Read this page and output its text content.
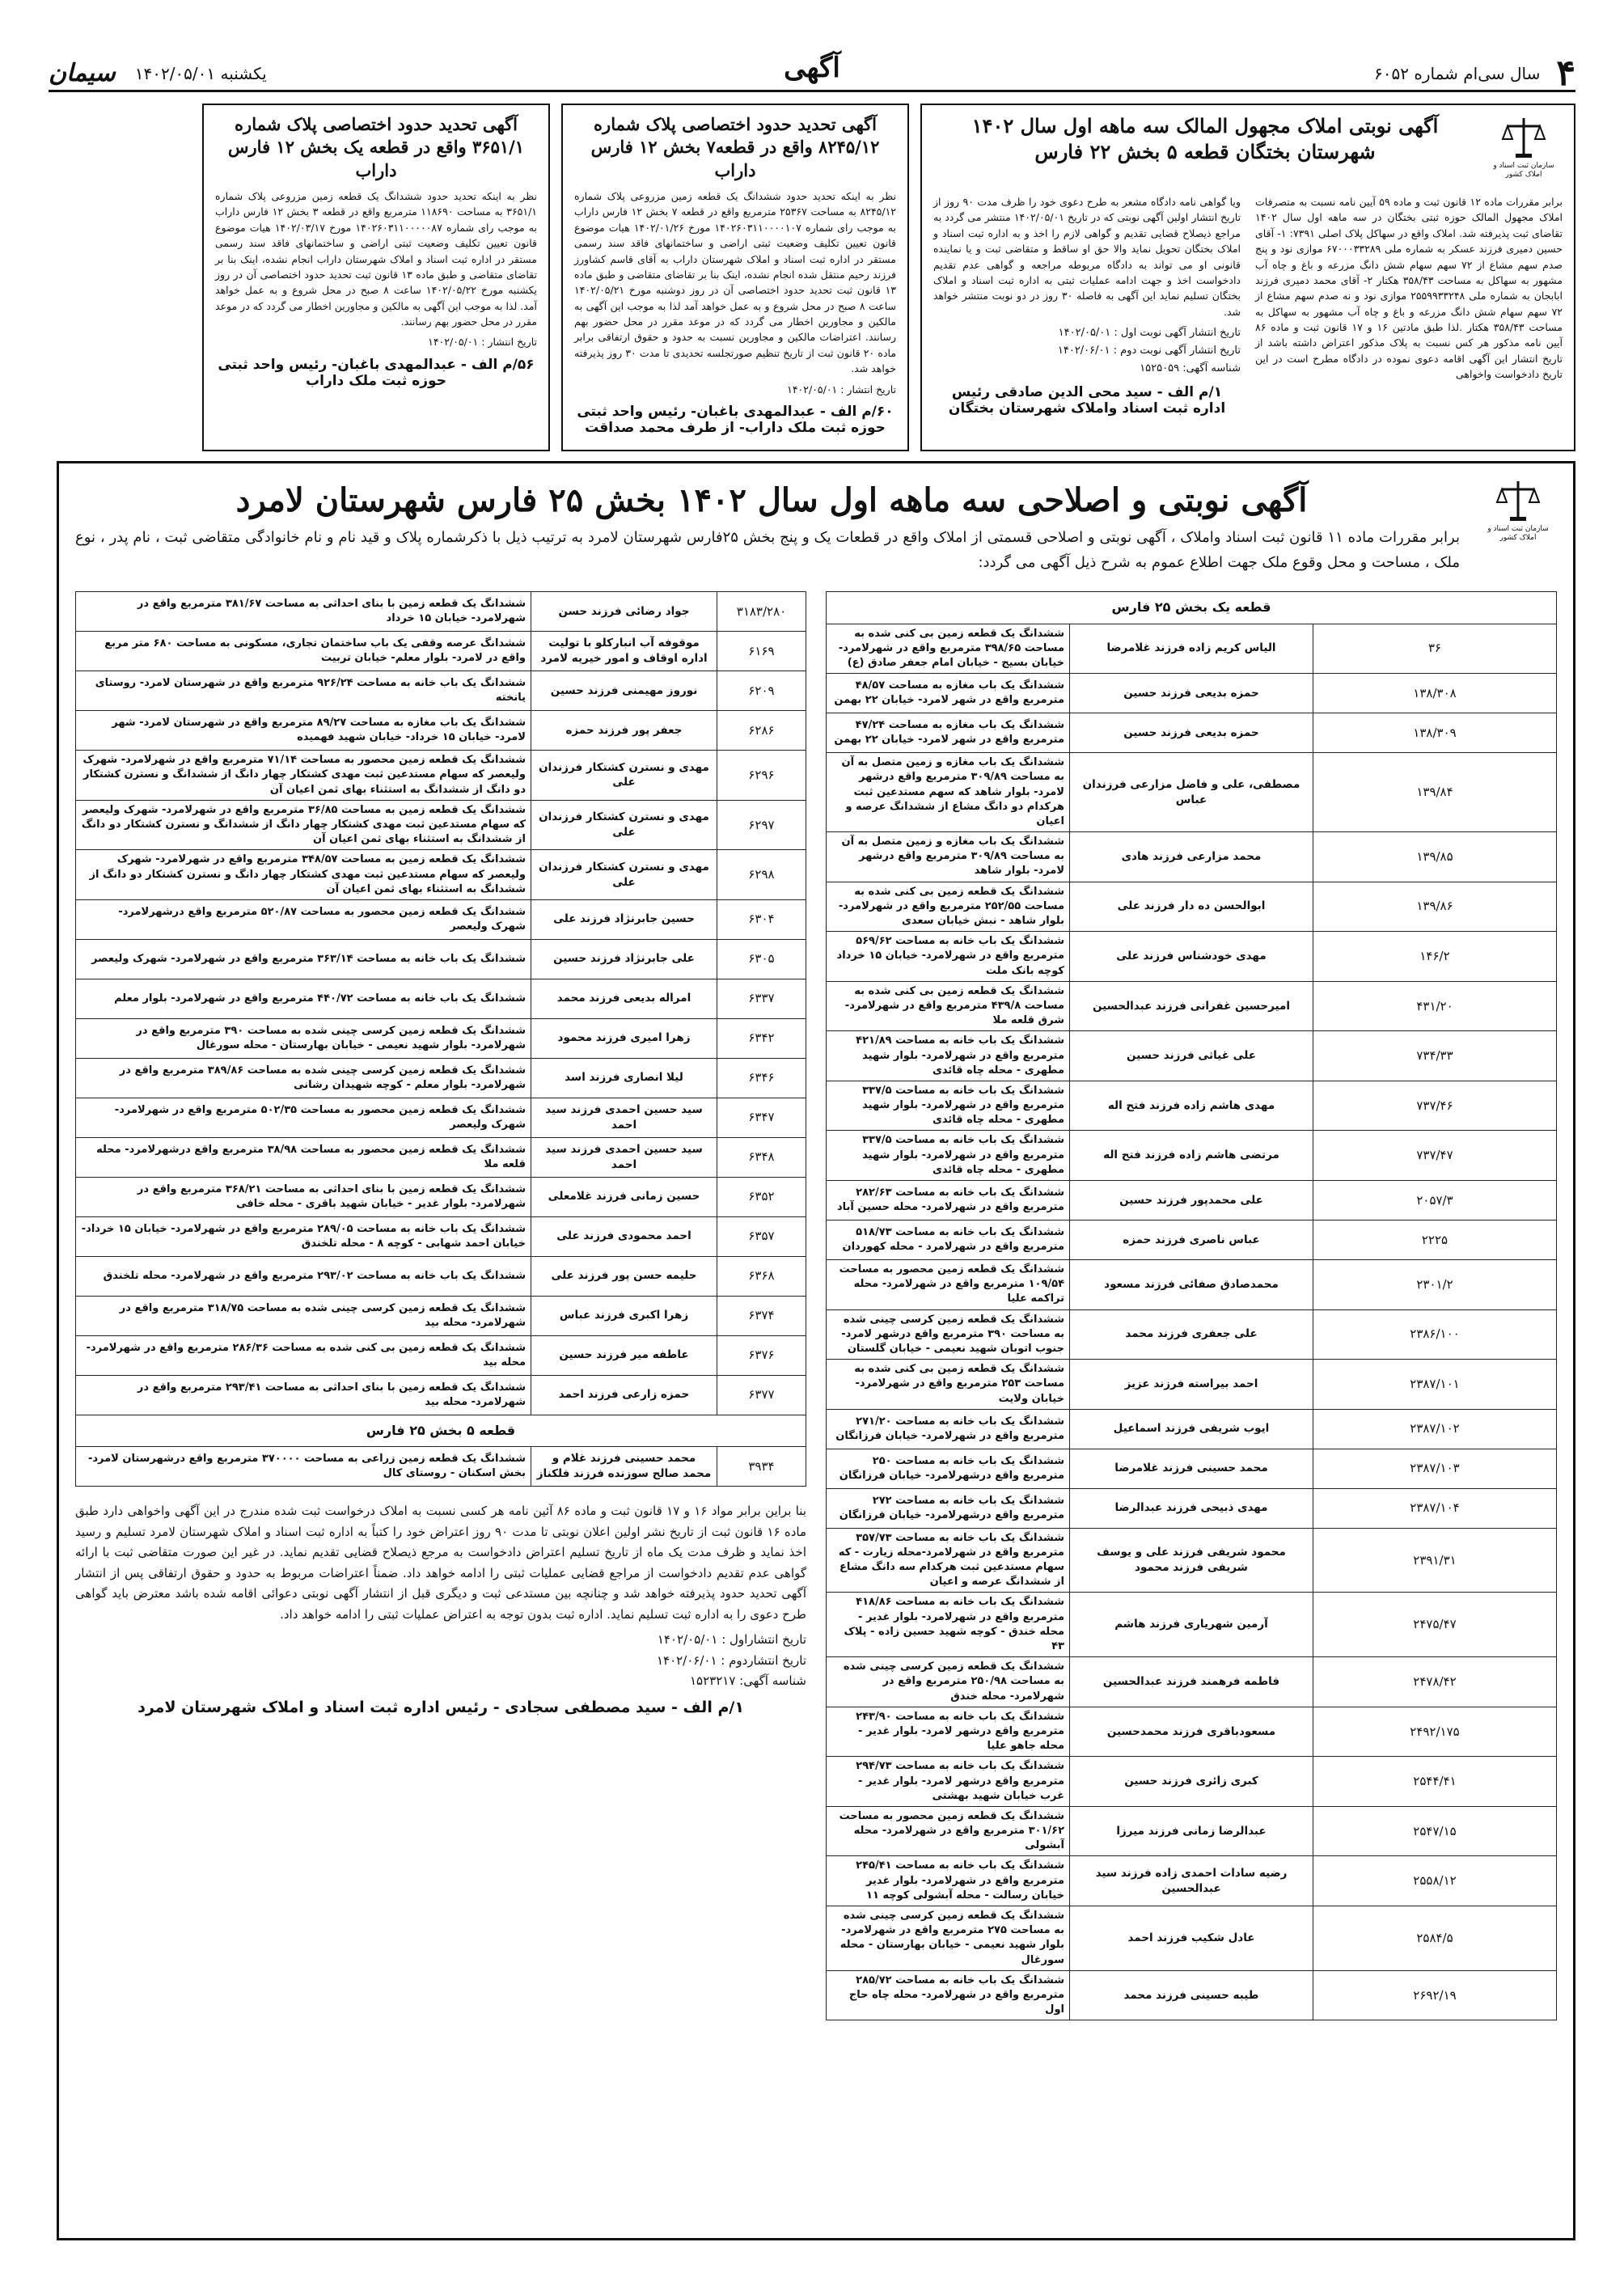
۴
سال سی‌ام ‌شماره ۶۰۵۲
آگهی
یکشنبه ۱۴۰۲/۰۵/۰۱
سیمان
سازمان ثبت اسناد و املاک کشور
آگهی نوبتی املاک مجهول المالک سه ماهه اول سال ۱۴۰۲ شهرستان بختگان قطعه ۵ بخش ۲۲ فارس

برابر مقررات ماده ۱۲ قانون ثبت و ماده ۵۹ آیین نامه نسبت به متصرفات املاک مجهول المالک حوزه ثبتی بختگان در سه ماهه اول سال ۱۴۰۲ تقاضای ثبت پذیرفته شد. املاک واقع در سهاکل پلاک اصلی ۷۳۹۱: ۱- آقای حسین دمیری فرزند عسکر به شماره ملی ۶۷۰۰۰۳۳۲۸۹ موازی نود و پنج صدم سهم مشاع از ۷۲ سهم سهام شش دانگ مزرعه و باغ و چاه آب مشهور به سهاکل به مساحت ۳۵۸/۴۳ هکتار ۲- آقای محمد دمیری فرزند ابابجان به شماره ملی ۲۵۵۹۹۳۳۲۴۸ موازی نود و نه صدم سهم مشاع از ۷۲ سهم سهام شش دانگ مزرعه و باغ و چاه آب مشهور به سهاکل به مساحت ۳۵۸/۴۳ هکتار .لذا طبق مادتین ۱۶ و ۱۷ قانون ثبت و ماده ۸۶ آیین نامه مذکور هر کس نسبت به پلاک مذکور اعتراض داشته باشد از تاریخ انتشار این آگهی اقامه دعوی نموده در دادگاه مطرح است در این تاریخ دادخواست واخواهی

ویا گواهی نامه دادگاه مشعر به طرح دعوی خود را ظرف مدت ۹۰ روز از تاریخ انتشار اولین آگهی نوبتی که در تاریخ ۱۴۰۲/۰۵/۰۱ منتشر می گردد به مراجع ذیصلاح قضایی تقدیم و گواهی لازم را اخذ و به اداره ثبت اسناد و املاک بختگان تحویل نماید والا حق او ساقط و متقاضی ثبت و یا نماینده قانونی او می تواند به دادگاه مربوطه مراجعه و گواهی عدم تقدیم دادخواست اخذ و جهت ادامه عملیات ثبتی به اداره ثبت اسناد و املاک بختگان تسلیم نماید این آگهی به فاصله ۳۰ روز در دو نوبت منتشر خواهد شد.

تاریخ انتشار آگهی نوبت اول : ۱۴۰۲/۰۵/۰۱
تاریخ انتشار آگهی نوبت دوم : ۱۴۰۲/۰۶/۰۱
شناسه آگهی: ۱۵۲۵۰۵۹
۱/م الف - سید محی الدین صادقی رئیس اداره ثبت اسناد واملاک شهرستان بختگان
آگهی تحدید حدود اختصاصی پلاک شماره ۸۲۴۵/۱۲ واقع در قطعه۷ بخش ۱۲ فارس داراب

نظر به اینکه تحدید حدود ششدانگ یک قطعه زمین مزروعی پلاک شماره ۸۲۴۵/۱۲ به مساحت ۲۵۳۶۷ مترمربع واقع در قطعه ۷ بخش ۱۲ فارس داراب به موجب رای شماره ۱۴۰۲۶۰۳۱۱۰۰۰۰۱۰۷ مورخ ۱۴۰۲/۰۱/۲۶ هیات موضوع قانون تعیین تکلیف وضعیت ثبتی اراضی و ساختمانهای فاقد سند رسمی مستقر در اداره ثبت اسناد و املاک شهرستان داراب به آقای قاسم کشاورز فرزند رحیم منتقل شده انجام نشده، اینک بنا بر تقاضای متقاضی و طبق ماده ۱۳ قانون ثبت تحدید حدود اختصاصی آن در روز دوشنبه مورخ ۱۴۰۲/۰۵/۲۱ ساعت ۸ صبح در محل شروع و به عمل خواهد آمد لذا به موجب این آگهی به مالکین و مجاورین اخطار می گردد که در موعد مقرر در محل حضور بهم رسانند. اعتراضات مالکین و مجاورین نسبت به حدود و حقوق ارتفاقی برابر ماده ۲۰ قانون ثبت از تاریخ تنظیم صورتجلسه تحدیدی تا مدت ۳۰ روز پذیرفته خواهد شد.

تاریخ انتشار : ۱۴۰۲/۰۵/۰۱

۶۰/م الف - عبدالمهدی باغبان- رئیس واحد ثبتی حوزه ثبت ملک داراب- از طرف محمد صداقت
آگهی تحدید حدود اختصاصی پلاک شماره ۳۶۵۱/۱ واقع در قطعه یک بخش ۱۲ فارس داراب

نظر به اینکه تحدید حدود ششدانگ یک قطعه زمین مزروعی پلاک شماره ۳۶۵۱/۱ به مساحت ۱۱۸۶۹۰ مترمربع واقع در قطعه ۳ بخش ۱۲ فارس داراب به موجب رای شماره ۱۴۰۲۶۰۳۱۱۰۰۰۰۰۸۷ مورخ ۱۴۰۲/۰۳/۱۷ هیات موضوع قانون تعیین تکلیف وضعیت ثبتی اراضی و ساختمانهای فاقد سند رسمی مستقر در اداره ثبت اسناد و املاک شهرستان داراب انجام نشده، اینک بنا بر تقاضای متقاضی و طبق ماده ۱۳ قانون ثبت تحدید حدود اختصاصی آن در روز یکشنبه مورخ ۱۴۰۲/۰۵/۲۲ ساعت ۸ صبح در محل شروع و به عمل خواهد آمد. لذا به موجب این آگهی به مالکین و مجاورین اخطار می گردد که در موعد مقرر در محل حضور بهم رسانند.

تاریخ انتشار : ۱۴۰۲/۰۵/۰۱

۵۶/م الف - عبدالمهدی باغبان- رئیس واحد ثبتی حوزه ثبت ملک داراب
سازمان ثبت اسناد و املاک کشور
آگهی نوبتی و اصلاحی سه ماهه اول سال ۱۴۰۲ بخش ۲۵ فارس شهرستان لامرد

برابر مقررات ماده ۱۱ قانون ثبت اسناد واملاک ، آگهی نوبتی و اصلاحی قسمتی از املاک واقع در قطعات یک و پنج بخش ۲۵فارس شهرستان لامرد به ترتیب ذیل با ذکرشماره پلاک و قید نام و نام خانوادگی متقاضی ثبت ، نام پدر ، نوع ملک ، مساحت و محل وقوع ملک جهت اطلاع عموم به شرح ذیل آگهی می گردد:

قطعه یک بخش ۲۵ فارس		
۳۶	الیاس کریم زاده فرزند غلامرضا	ششدانگ یک قطعه زمین بی کنی شده به مساحت ۳۹۸/۶۵ مترمربع واقع در شهرلامرد- خیابان بسیج - خیابان امام جعفر صادق (ع)
۱۳۸/۳۰۸	حمزه بدیعی فرزند حسین	ششدانگ یک باب مغازه به مساحت ۴۸/۵۷ مترمربع واقع در شهر لامرد- خیابان ۲۲ بهمن
۱۳۸/۳۰۹	حمزه بدیعی فرزند حسین	ششدانگ یک باب مغازه به مساحت ۴۷/۲۴ مترمربع واقع در شهر لامرد- خیابان ۲۲ بهمن
۱۳۹/۸۴	مصطفی، علی و فاضل مزارعی فرزندان عباس	ششدانگ یک باب مغازه و زمین متصل به آن به مساحت ۳۰۹/۸۹ مترمربع واقع درشهر لامرد- بلوار شاهد که سهم مستدعین ثبت هرکدام دو دانگ مشاع از ششدانگ عرصه و اعیان
۱۳۹/۸۵	محمد مزارعی فرزند هادی	ششدانگ یک باب مغازه و زمین متصل به آن به مساحت ۳۰۹/۸۹ مترمربع واقع درشهر لامرد- بلوار شاهد
۱۳۹/۸۶	ابوالحسن ده دار فرزند علی	ششدانگ یک قطعه زمین بی کنی شده به مساحت ۲۵۲/۵۵ مترمربع واقع در شهرلامرد- بلوار شاهد - نبش خیابان سعدی
۱۴۶/۲	مهدی خودشناس فرزند علی	ششدانگ یک باب خانه به مساحت ۵۶۹/۶۲ مترمربع واقع در شهرلامرد- خیابان ۱۵ خرداد کوچه بانک ملت
۴۳۱/۲۰	امیرحسین غفرانی فرزند عبدالحسین	ششدانگ یک قطعه زمین بی کنی شده به مساحت ۴۳۹/۸ مترمربع واقع در شهرلامرد- شرق قلعه ملا
۷۳۴/۳۳	علی غیاثی فرزند حسین	ششدانگ یک باب خانه به مساحت ۴۲۱/۸۹ مترمربع واقع در شهرلامرد- بلوار شهید مطهری - محله چاه قائدی
۷۳۷/۴۶	مهدی هاشم زاده فرزند فتح اله	ششدانگ یک باب خانه به مساحت ۳۳۷/۵ مترمربع واقع در شهرلامرد- بلوار شهید مطهری - محله چاه قائدی
۷۳۷/۴۷	مرتضی هاشم زاده فرزند فتح اله	ششدانگ یک باب خانه به مساحت ۳۳۷/۵ مترمربع واقع در شهرلامرد- بلوار شهید مطهری - محله چاه قائدی
۲۰۵۷/۳	علی محمدپور فرزند حسین	ششدانگ یک باب خانه به مساحت ۲۸۲/۶۳ مترمربع واقع در شهرلامرد- محله حسین آباد
۲۲۲۵	عباس ناصری فرزند حمزه	ششدانگ یک باب خانه به مساحت ۵۱۸/۷۳ مترمربع واقع در شهرلامرد - محله کهوردان
۲۳۰۱/۲	محمدصادق صفائی فرزند مسعود	ششدانگ یک قطعه زمین محصور به مساحت ۱۰۹/۵۴ مترمربع واقع در شهرلامرد- محله تراکمه علیا
۲۳۸۶/۱۰۰	علی جعفری فرزند محمد	ششدانگ یک قطعه زمین کرسی چینی شده به مساحت ۳۹۰ مترمربع واقع درشهر لامرد- جنوب اتوبان شهید نعیمی - خیابان گلستان
۲۳۸۷/۱۰۱	احمد بیراسته فرزند عزیز	ششدانگ یک قطعه زمین بی کنی شده به مساحت ۲۵۳ مترمربع واقع در شهرلامرد- خیابان ولایت
۲۳۸۷/۱۰۲	ایوب شریفی فرزند اسماعیل	ششدانگ یک باب خانه به مساحت ۲۷۱/۲۰ مترمربع واقع در شهرلامرد- خیابان فرزانگان
۲۳۸۷/۱۰۳	محمد حسینی فرزند غلامرضا	ششدانگ یک باب خانه به مساحت ۲۵۰ مترمربع واقع درشهرلامرد- خیابان فرزانگان
۲۳۸۷/۱۰۴	مهدی ذبیحی فرزند عبدالرضا	ششدانگ یک باب خانه به مساحت ۲۷۲ مترمربع واقع درشهرلامرد- خیابان فرزانگان
۲۳۹۱/۳۱	محمود شریفی فرزند علی و یوسف شریفی فرزند محمود	ششدانگ یک باب خانه به مساحت ۳۵۷/۷۳ مترمربع واقع در شهرلامرد-محله زیارت - که سهام مستدعین ثبت هرکدام سه دانگ مشاع از ششدانگ عرصه و اعیان
۲۴۷۵/۴۷	آرمین شهریاری فرزند هاشم	ششدانگ یک باب خانه به مساحت ۴۱۸/۸۶ مترمربع واقع در شهرلامرد- بلوار غدیر - محله خندق - کوچه شهید حسین زاده - پلاک ۴۳
۲۴۷۸/۴۲	فاطمه فرهمند فرزند عبدالحسین	ششدانگ یک قطعه زمین کرسی چینی شده به مساحت ۲۵۰/۹۸ مترمربع واقع در شهرلامرد- محله خندق
۲۴۹۲/۱۷۵	مسعودباقری فرزند محمدحسین	ششدانگ یک باب خانه به مساحت ۲۴۳/۹۰ مترمربع واقع درشهر لامرد- بلوار غدیر - محله جاهو علیا
۲۵۴۴/۴۱	کبری زائری فرزند حسین	ششدانگ یک باب خانه به مساحت ۲۹۴/۷۳ مترمربع واقع درشهر لامرد- بلوار غدیر - غرب خیابان شهید بهشتی
۲۵۴۷/۱۵	عبدالرضا زمانی فرزند میرزا	ششدانگ یک قطعه زمین محصور به مساحت ۳۰۱/۶۲ مترمربع واقع در شهرلامرد- محله آبشولی
۲۵۵۸/۱۲	رضیه سادات احمدی زاده فرزند سید عبدالحسین	ششدانگ یک باب خانه به مساحت ۲۴۵/۴۱ مترمربع واقع در شهرلامرد- بلوار غدیر خیابان رسالت - محله آبشولی کوچه ۱۱
۲۵۸۴/۵	عادل شکیب فرزند احمد	ششدانگ یک قطعه زمین کرسی چینی شده به مساحت ۲۷۵ مترمربع واقع در شهرلامرد- بلوار شهید نعیمی - خیابان بهارستان - محله سورغال
۲۶۹۲/۱۹	طیبه حسینی فرزند محمد	ششدانگ یک باب خانه به مساحت ۲۸۵/۷۲ مترمربع واقع در شهرلامرد- محله چاه حاج اول
۳۱۸۳/۲۸۰	جواد رضائی فرزند حسن	ششدانگ یک قطعه زمین با بنای احداثی به مساحت ۳۸۱/۶۷ مترمربع واقع در شهرلامرد- خیابان ۱۵ خرداد
۶۱۶۹	موقوفه آب انبارکلو با تولیت اداره اوقاف و امور خیریه لامرد	ششدانگ عرصه وقفی یک باب ساختمان تجاری، مسکونی به مساحت ۶۸۰ متر مربع واقع در لامرد- بلوار معلم- خیابان تربیت
۶۲۰۹	نوروز مهیمنی فرزند حسین	ششدانگ یک باب خانه به مساحت ۹۲۶/۲۴ مترمربع واقع در شهرستان لامرد- روستای یانخته
۶۲۸۶	جعفر پور فرزند حمزه	ششدانگ یک باب مغازه به مساحت ۸۹/۲۷ مترمربع واقع در شهرستان لامرد- شهر لامرد- خیابان ۱۵ خرداد- خیابان شهید فهمیده
۶۲۹۶	مهدی و نسترن کشتکار فرزندان علی	ششدانگ یک قطعه زمین محصور به مساحت ۷۱/۱۴ مترمربع واقع در شهرلامرد- شهرک ولیعصر که سهام مستدعین ثبت مهدی کشتکار چهار دانگ از ششدانگ و نسترن کشتکار دو دانگ از ششدانگ به استثناء بهای ثمن اعیان آن
۶۲۹۷	مهدی و نسترن کشتکار فرزندان علی	ششدانگ یک قطعه زمین به مساحت ۳۶/۸۵ مترمربع واقع در شهرلامرد- شهرک ولیعصر که سهام مستدعین ثبت مهدی کشتکار چهار دانگ از ششدانگ و نسترن کشتکار دو دانگ از ششدانگ به استثناء بهای ثمن اعیان آن
۶۲۹۸	مهدی و نسترن کشتکار فرزندان علی	ششدانگ یک قطعه زمین به مساحت ۳۴۸/۵۷ مترمربع واقع در شهرلامرد- شهرک ولیعصر که سهام مستدعین ثبت مهدی کشتکار چهار دانگ و نسترن کشتکار دو دانگ از ششدانگ به استثناء بهای ثمن اعیان آن
۶۳۰۴	حسین جابرنژاد فرزند علی	ششدانگ یک قطعه زمین محصور به مساحت ۵۲۰/۸۷ مترمربع واقع درشهرلامرد- شهرک ولیعصر
۶۳۰۵	علی جابرنژاد فرزند حسین	ششدانگ یک باب خانه به مساحت ۳۶۳/۱۴ مترمربع واقع در شهرلامرد- شهرک ولیعصر
۶۳۳۷	امراله بدیعی فرزند محمد	ششدانگ یک باب خانه به مساحت ۴۴۰/۷۲ مترمربع واقع در شهرلامرد- بلوار معلم
۶۳۴۲	زهرا امیری فرزند محمود	ششدانگ یک قطعه زمین کرسی چینی شده به مساحت ۳۹۰ مترمربع واقع در شهرلامرد- بلوار شهید نعیمی - خیابان بهارستان - محله سورغال
۶۳۴۶	لیلا انصاری فرزند اسد	ششدانگ یک قطعه زمین کرسی چینی شده به مساحت ۳۸۹/۸۶ مترمربع واقع در شهرلامرد- بلوار معلم - کوچه شهیدان رشانی
۶۳۴۷	سید حسین احمدی فرزند سید احمد	ششدانگ یک قطعه زمین محصور به مساحت ۵۰۲/۳۵ مترمربع واقع در شهرلامرد- شهرک ولیعصر
۶۳۴۸	سید حسین احمدی فرزند سید احمد	ششدانگ یک قطعه زمین محصور به مساحت ۳۸/۹۸ مترمربع واقع درشهرلامرد- محله قلعه ملا
۶۳۵۲	حسین زمانی فرزند غلامعلی	ششدانگ یک قطعه زمین با بنای احداثی به مساحت ۳۶۸/۲۱ مترمربع واقع در شهرلامرد- بلوار غدیر - خیابان شهید باقری - محله خافی
۶۳۵۷	احمد محمودی فرزند علی	ششدانگ یک باب خانه به مساحت ۲۸۹/۰۵ مترمربع واقع در شهرلامرد- خیابان ۱۵ خرداد- خیابان احمد شهابی - کوچه ۸ - محله تلخندق
۶۳۶۸	حلیمه حسن پور فرزند علی	ششدانگ یک باب خانه به مساحت ۲۹۳/۰۲ مترمربع واقع در شهرلامرد- محله تلخندق
۶۳۷۴	زهرا اکبری فرزند عباس	ششدانگ یک قطعه زمین کرسی چینی شده به مساحت ۳۱۸/۷۵ مترمربع واقع در شهرلامرد- محله بید
۶۳۷۶	عاطفه میر فرزند حسین	ششدانگ یک قطعه زمین بی کنی شده به مساحت ۲۸۶/۳۶ مترمربع واقع در شهرلامرد- محله بید
۶۳۷۷	حمزه زارعی فرزند احمد	ششدانگ یک قطعه زمین با بنای احداثی به مساحت ۲۹۳/۴۱ مترمربع واقع در شهرلامرد- محله بید
قطعه ۵ بخش ۲۵ فارس		
۳۹۳۴	محمد حسینی فرزند غلام و محمد صالح سوزنده فرزند فلکناز	ششدانگ یک قطعه زمین زراعی به مساحت ۳۷۰۰۰۰ مترمربع واقع درشهرستان لامرد- بخش اسکنان - روستای کال

بنا براین برابر مواد ۱۶ و ۱۷ قانون ثبت و ماده ۸۶ آئین نامه هر کسی نسبت به املاک درخواست ثبت شده مندرج در این آگهی واخواهی دارد طبق ماده ۱۶ قانون ثبت از تاریخ نشر اولین اعلان نوبتی تا مدت ۹۰ روز اعتراض خود را کتباً به اداره ثبت اسناد و املاک شهرستان لامرد تسلیم و رسید اخذ نماید و ظرف مدت یک ماه از تاریخ تسلیم اعتراض دادخواست به مرجع ذیصلاح قضایی تقدیم نماید. در غیر این صورت متقاضی ثبت با ارائه گواهی عدم تقدیم دادخواست از مراجع قضایی عملیات ثبتی را ادامه خواهد داد. ضمناً اعتراضات مربوط به حدود و حقوق ارتفاقی پس از انتشار آگهی تحدید حدود پذیرفته خواهد شد و چنانچه بین مستدعی ثبت و دیگری قبل از انتشار آگهی نوبتی دعوائی اقامه شده باشد معترض باید گواهی طرح دعوی را به اداره ثبت تسلیم نماید. اداره ثبت بدون توجه به اعتراض عملیات ثبتی را ادامه خواهد داد.

تاریخ انتشاراول : ۱۴۰۲/۰۵/۰۱
تاریخ انتشاردوم : ۱۴۰۲/۰۶/۰۱
شناسه آگهی: ۱۵۲۳۲۱۷
۱/م الف - سید مصطفی سجادی - رئیس اداره ثبت اسناد و املاک شهرستان لامرد
